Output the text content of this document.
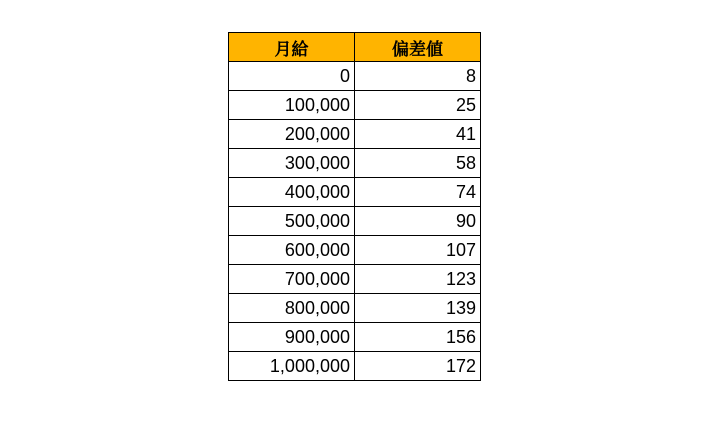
月給	偏差値
0	8
100,000	25
200,000	41
300,000	58
400,000	74
500,000	90
600,000	107
700,000	123
800,000	139
900,000	156
1,000,000	172
